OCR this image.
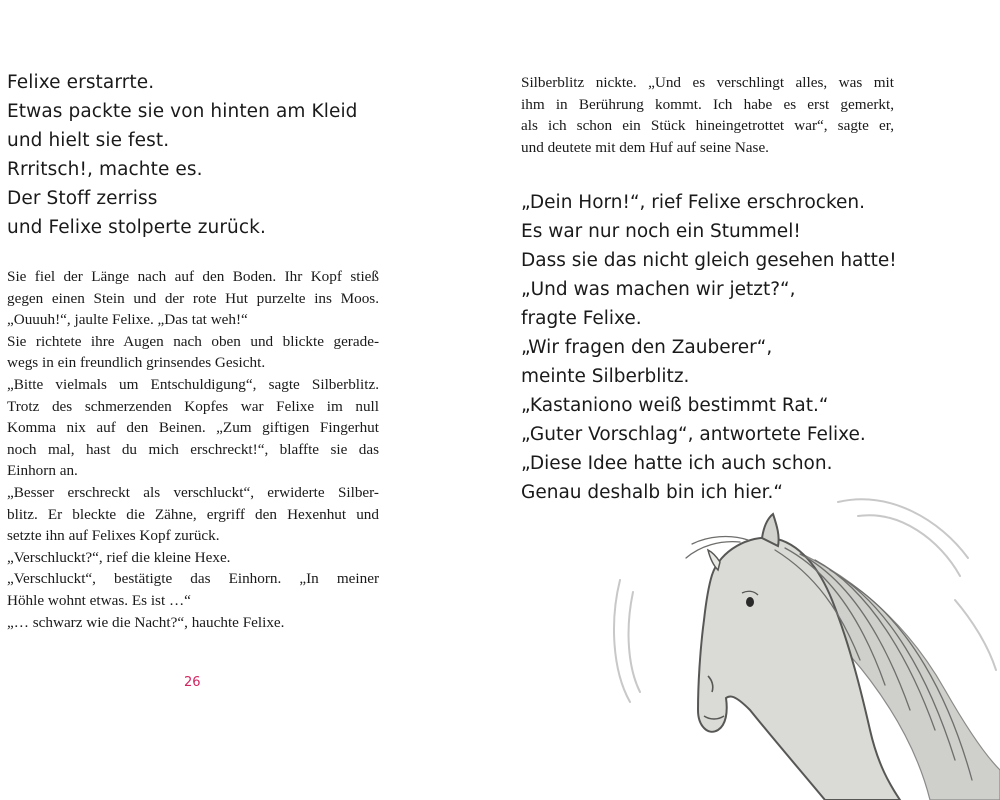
Felixe erstarrte.
Etwas packte sie von hinten am Kleid
und hielt sie fest.
Rrritsch!, machte es.
Der Stoff zerriss
und Felixe stolperte zurück.
Sie fiel der Länge nach auf den Boden. Ihr Kopf stieß
gegen einen Stein und der rote Hut purzelte ins Moos.
„Ouuuh!“, jaulte Felixe. „Das tat weh!“
Sie richtete ihre Augen nach oben und blickte gerade-
wegs in ein freundlich grinsendes Gesicht.
„Bitte vielmals um Entschuldigung“, sagte Silberblitz.
Trotz des schmerzenden Kopfes war Felixe im null
Komma nix auf den Beinen. „Zum giftigen Fingerhut
noch mal, hast du mich erschreckt!“, blaffte sie das
Einhorn an.
„Besser erschreckt als verschluckt“, erwiderte Silber-
blitz. Er bleckte die Zähne, ergriff den Hexenhut und
setzte ihn auf Felixes Kopf zurück.
„Verschluckt?“, rief die kleine Hexe.
„Verschluckt“, bestätigte das Einhorn. „In meiner
Höhle wohnt etwas. Es ist …“
„… schwarz wie die Nacht?“, hauchte Felixe.
26
Silberblitz nickte. „Und es verschlingt alles, was mit
ihm in Berührung kommt. Ich habe es erst gemerkt,
als ich schon ein Stück hineingetrottet war“, sagte er,
und deutete mit dem Huf auf seine Nase.
„Dein Horn!“, rief Felixe erschrocken.
Es war nur noch ein Stummel!
Dass sie das nicht gleich gesehen hatte!
„Und was machen wir jetzt?“,
fragte Felixe.
„Wir fragen den Zauberer“,
meinte Silberblitz.
„Kastaniono weiß bestimmt Rat.“
„Guter Vorschlag“, antwortete Felixe.
„Diese Idee hatte ich auch schon.
Genau deshalb bin ich hier.“
